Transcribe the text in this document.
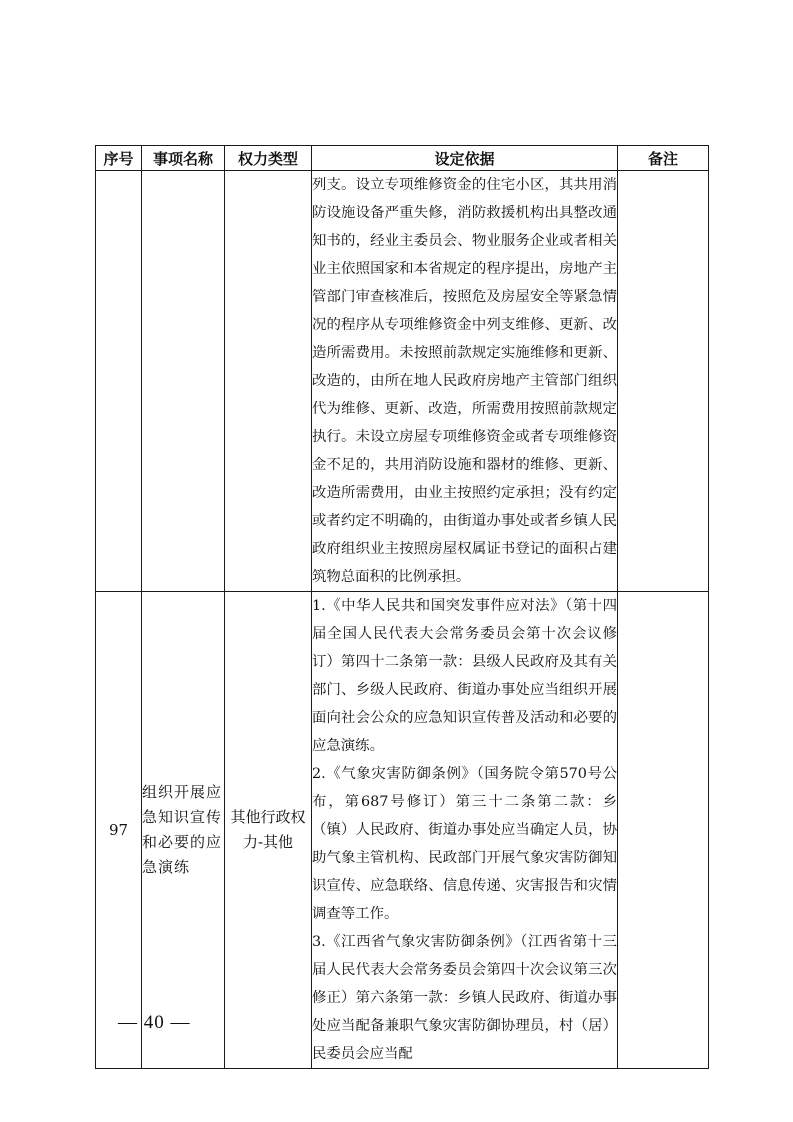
序号	事项名称	权力类型	设定依据	备注

			列支。设立专项维修资金的住宅小区，其共用消防设施设备严重失修，消防救援机构出具整改通知书的，经业主委员会、物业服务企业或者相关业主依照国家和本省规定的程序提出，房地产主管部门审查核准后，按照危及房屋安全等紧急情况的程序从专项维修资金中列支维修、更新、改造所需费用。未按照前款规定实施维修和更新、改造的，由所在地人民政府房地产主管部门组织代为维修、更新、改造，所需费用按照前款规定执行。未设立房屋专项维修资金或者专项维修资金不足的，共用消防设施和器材的维修、更新、改造所需费用，由业主按照约定承担；没有约定或者约定不明确的，由街道办事处或者乡镇人民政府组织业主按照房屋权属证书登记的面积占建筑物总面积的比例承担。	

97	组织开展应急知识宣传和必要的应急演练	其他行政权力-其他	1.《中华人民共和国突发事件应对法》（第十四届全国人民代表大会常务委员会第十次会议修订）第四十二条第一款：县级人民政府及其有关部门、乡级人民政府、街道办事处应当组织开展面向社会公众的应急知识宣传普及活动和必要的应急演练。
2.《气象灾害防御条例》（国务院令第570号公布，第687号修订）第三十二条第二款：乡（镇）人民政府、街道办事处应当确定人员，协助气象主管机构、民政部门开展气象灾害防御知识宣传、应急联络、信息传递、灾害报告和灾情调查等工作。
3.《江西省气象灾害防御条例》（江西省第十三届人民代表大会常务委员会第四十次会议第三次修正）第六条第一款：乡镇人民政府、街道办事处应当配备兼职气象灾害防御协理员，村（居）民委员会应当配	

— 40 —
